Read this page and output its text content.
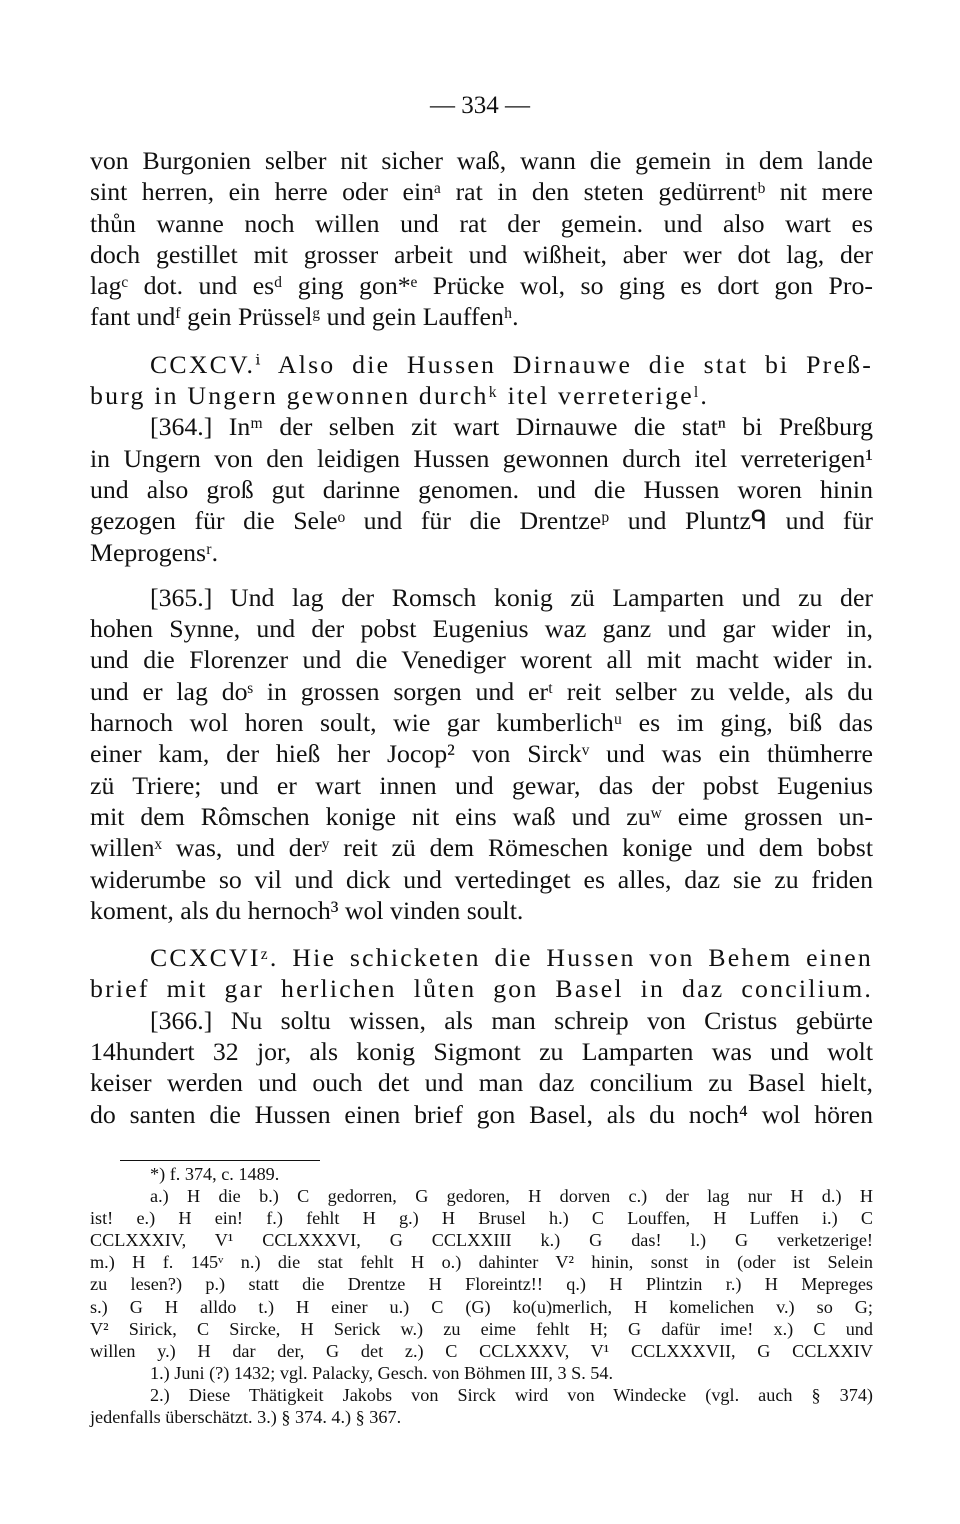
— 334 —
von Burgonien selber nit sicher waß, wann die gemein in dem lande
sint herren, ein herre oder einᵃ rat in den steten gedürrentᵇ nit mere
thůn wanne noch willen und rat der gemein. und also wart es
doch gestillet mit grosser arbeit und wißheit, aber wer dot lag, der
lagᶜ dot. und esᵈ ging gon*ᵉ Prücke wol, so ging es dort gon Pro-
fant undᶠ gein Prüsselᵍ und gein Lauffenʰ.
CCXCV.ⁱ Also die Hussen Dirnauwe die stat bi Preß-
burg in Ungern gewonnen durchᵏ itel verreterigeˡ.
[364.] Inᵐ der selben zit wart Dirnauwe die statⁿ bi Preßburg
in Ungern von den leidigen Hussen gewonnen durch itel verreterigen¹
und also groß gut darinne genomen. und die Hussen woren hinin
gezogen für die Seleᵒ und für die Drentzeᵖ und Pluntzᑫ und für
Meprogensʳ.
[365.] Und lag der Romsch konig zü Lamparten und zu der
hohen Synne, und der pobst Eugenius waz ganz und gar wider in,
und die Florenzer und die Venediger worent all mit macht wider in.
und er lag doˢ in grossen sorgen und erᵗ reit selber zu velde, als du
harnoch wol horen soult, wie gar kumberlichᵘ es im ging, biß das
einer kam, der hieß her Jocop² von Sirckᵛ und was ein thümherre
zü Triere; und er wart innen und gewar, das der pobst Eugenius
mit dem Rômschen konige nit eins waß und zuʷ eime grossen un-
willenˣ was, und derʸ reit zü dem Römeschen konige und dem bobst
widerumbe so vil und dick und vertedinget es alles, daz sie zu friden
koment, als du hernoch³ wol vinden soult.
CCXCVIᶻ. Hie schicketen die Hussen von Behem einen
brief mit gar herlichen lůten gon Basel in daz concilium.
[366.] Nu soltu wissen, als man schreip von Cristus gebürte
14hundert 32 jor, als konig Sigmont zu Lamparten was und wolt
keiser werden und ouch det und man daz concilium zu Basel hielt,
do santen die Hussen einen brief gon Basel, als du noch⁴ wol hören
*) f. 374, c. 1489.
a.) H die b.) C gedorren, G gedoren, H dorven c.) der lag nur H d.) H
ist! e.) H ein! f.) fehlt H g.) H Brusel h.) C Louffen, H Luffen i.) C
CCLXXXIV, V¹ CCLXXXVI, G CCLXXIII k.) G das! l.) G verketzerige!
m.) H f. 145ᵛ n.) die stat fehlt H o.) dahinter V² hinin, sonst in (oder ist Selein
zu lesen?) p.) statt die Drentze H Floreintz!! q.) H Plintzin r.) H Mepreges
s.) G H alldo t.) H einer u.) C (G) ko(u)merlich, H komelichen v.) so G;
V² Sirick, C Sircke, H Serick w.) zu eime fehlt H; G dafür ime! x.) C und
willen y.) H dar der, G det z.) C CCLXXXV, V¹ CCLXXXVII, G CCLXXIV
1.) Juni (?) 1432; vgl. Palacky, Gesch. von Böhmen III, 3 S. 54.
2.) Diese Thätigkeit Jakobs von Sirck wird von Windecke (vgl. auch § 374)
jedenfalls überschätzt. 3.) § 374. 4.) § 367.
